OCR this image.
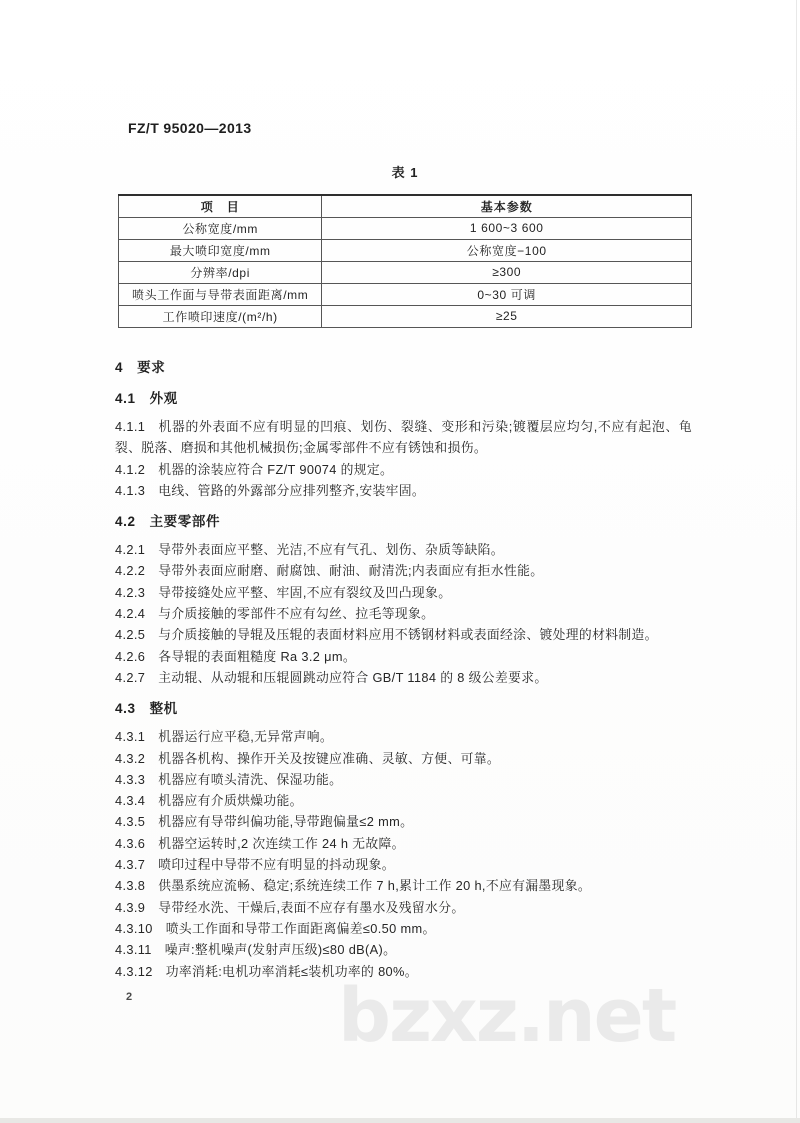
FZ/T 95020—2013
表 1
项　目	基本参数
公称宽度/mm	1 600~3 600
最大喷印宽度/mm	公称宽度−100
分辨率/dpi	≥300
喷头工作面与导带表面距离/mm	0~30 可调
工作喷印速度/(m²/h)	≥25
4 要求
4.1 外观
4.1.1 机器的外表面不应有明显的凹痕、划伤、裂缝、变形和污染;镀覆层应均匀,不应有起泡、龟裂、脱落、磨损和其他机械损伤;金属零部件不应有锈蚀和损伤。
4.1.2 机器的涂装应符合 FZ/T 90074 的规定。
4.1.3 电线、管路的外露部分应排列整齐,安装牢固。
4.2 主要零部件
4.2.1 导带外表面应平整、光洁,不应有气孔、划伤、杂质等缺陷。
4.2.2 导带外表面应耐磨、耐腐蚀、耐油、耐清洗;内表面应有拒水性能。
4.2.3 导带接缝处应平整、牢固,不应有裂纹及凹凸现象。
4.2.4 与介质接触的零部件不应有勾丝、拉毛等现象。
4.2.5 与介质接触的导辊及压辊的表面材料应用不锈钢材料或表面经涂、镀处理的材料制造。
4.2.6 各导辊的表面粗糙度 Ra 3.2 μm。
4.2.7 主动辊、从动辊和压辊圆跳动应符合 GB/T 1184 的 8 级公差要求。
4.3 整机
4.3.1 机器运行应平稳,无异常声响。
4.3.2 机器各机构、操作开关及按键应准确、灵敏、方便、可靠。
4.3.3 机器应有喷头清洗、保湿功能。
4.3.4 机器应有介质烘燥功能。
4.3.5 机器应有导带纠偏功能,导带跑偏量≤2 mm。
4.3.6 机器空运转时,2 次连续工作 24 h 无故障。
4.3.7 喷印过程中导带不应有明显的抖动现象。
4.3.8 供墨系统应流畅、稳定;系统连续工作 7 h,累计工作 20 h,不应有漏墨现象。
4.3.9 导带经水洗、干燥后,表面不应存有墨水及残留水分。
4.3.10 喷头工作面和导带工作面距离偏差≤0.50 mm。
4.3.11 噪声:整机噪声(发射声压级)≤80 dB(A)。
4.3.12 功率消耗:电机功率消耗≤装机功率的 80%。
2	bzxz.net
